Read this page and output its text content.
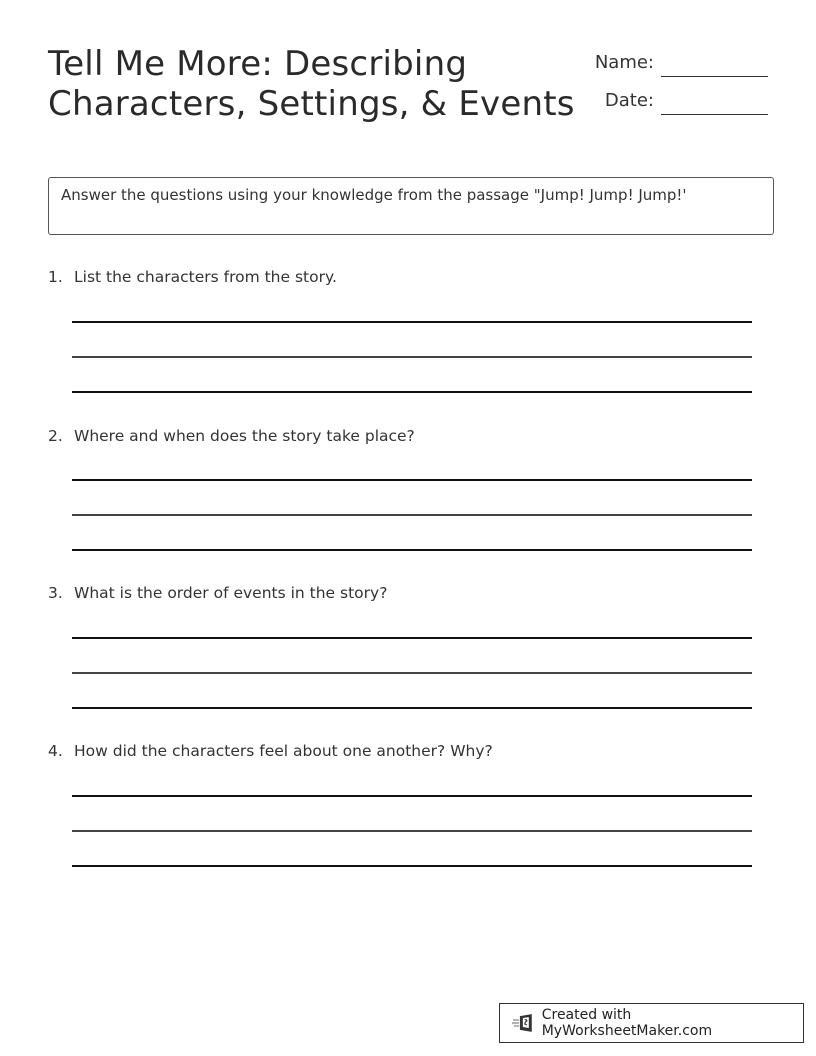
Tell Me More: Describing
Characters, Settings, & Events
Name:
Date:
Answer the questions using your knowledge from the passage "Jump! Jump! Jump!'
1. List the characters from the story.
2. Where and when does the story take place?
3. What is the order of events in the story?
4. How did the characters feel about one another? Why?
Created with MyWorksheetMaker.com
